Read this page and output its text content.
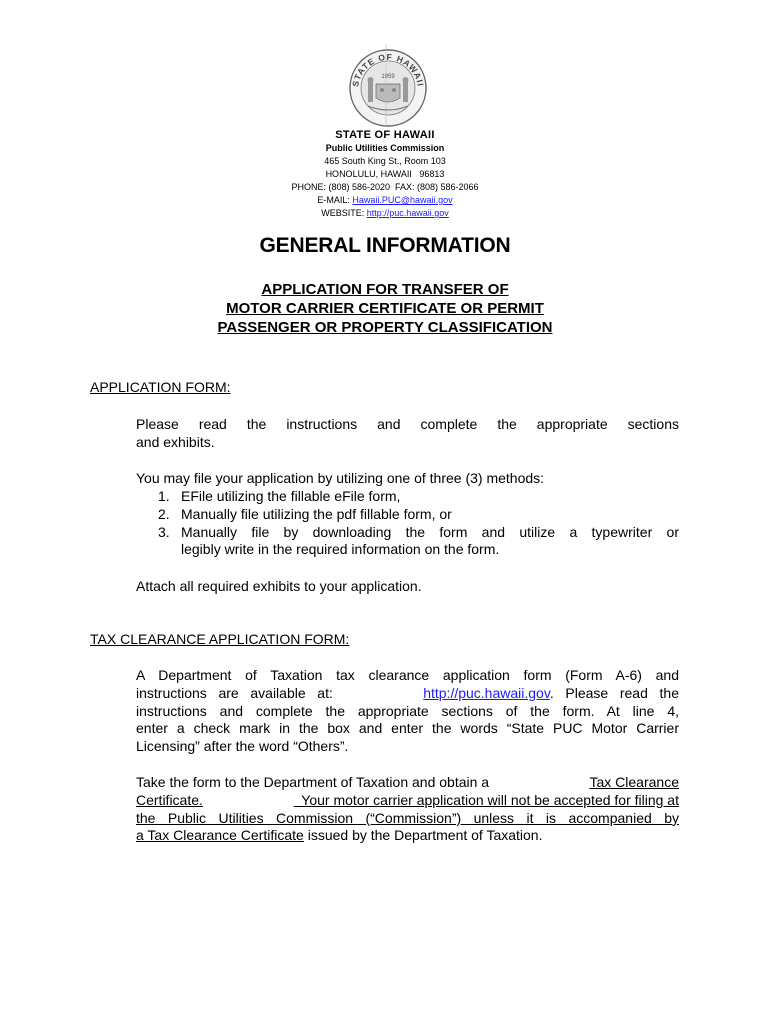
STATE OF HAWAII
1959
STATE OF HAWAII
Public Utilities Commission
465 South King St., Room 103
HONOLULU, HAWAII   96813
PHONE: (808) 586-2020  FAX: (808) 586-2066
E-MAIL: Hawaii.PUC@hawaii.gov
WEBSITE: http://puc.hawaii.gov
GENERAL INFORMATION
APPLICATION FOR TRANSFER OF
MOTOR CARRIER CERTIFICATE OR PERMIT
PASSENGER OR PROPERTY CLASSIFICATION
APPLICATION FORM:
Please read the instructions and complete the appropriate sections
and exhibits.
You may file your application by utilizing one of three (3) methods:
1. EFile utilizing the fillable eFile form,
2. Manually file utilizing the pdf fillable form, or
3. Manually file by downloading the form and utilize a typewriter or
legibly write in the required information on the form.
Attach all required exhibits to your application.
TAX CLEARANCE APPLICATION FORM:
A Department of Taxation tax clearance application form (Form A-6) and
instructions   are   available   at:	http://puc.hawaii.gov.   Please   read   the
instructions and complete the appropriate sections of the form. At line 4,
enter a check mark in the box and enter the words “State PUC Motor Carrier
Licensing” after the word “Others”.
Take the form to the Department of Taxation and obtain a	Tax Clearance
Certificate.	Your motor carrier application will not be accepted for filing at
the Public Utilities Commission (“Commission”) unless it is accompanied by
a Tax Clearance Certificate issued by the Department of Taxation.
